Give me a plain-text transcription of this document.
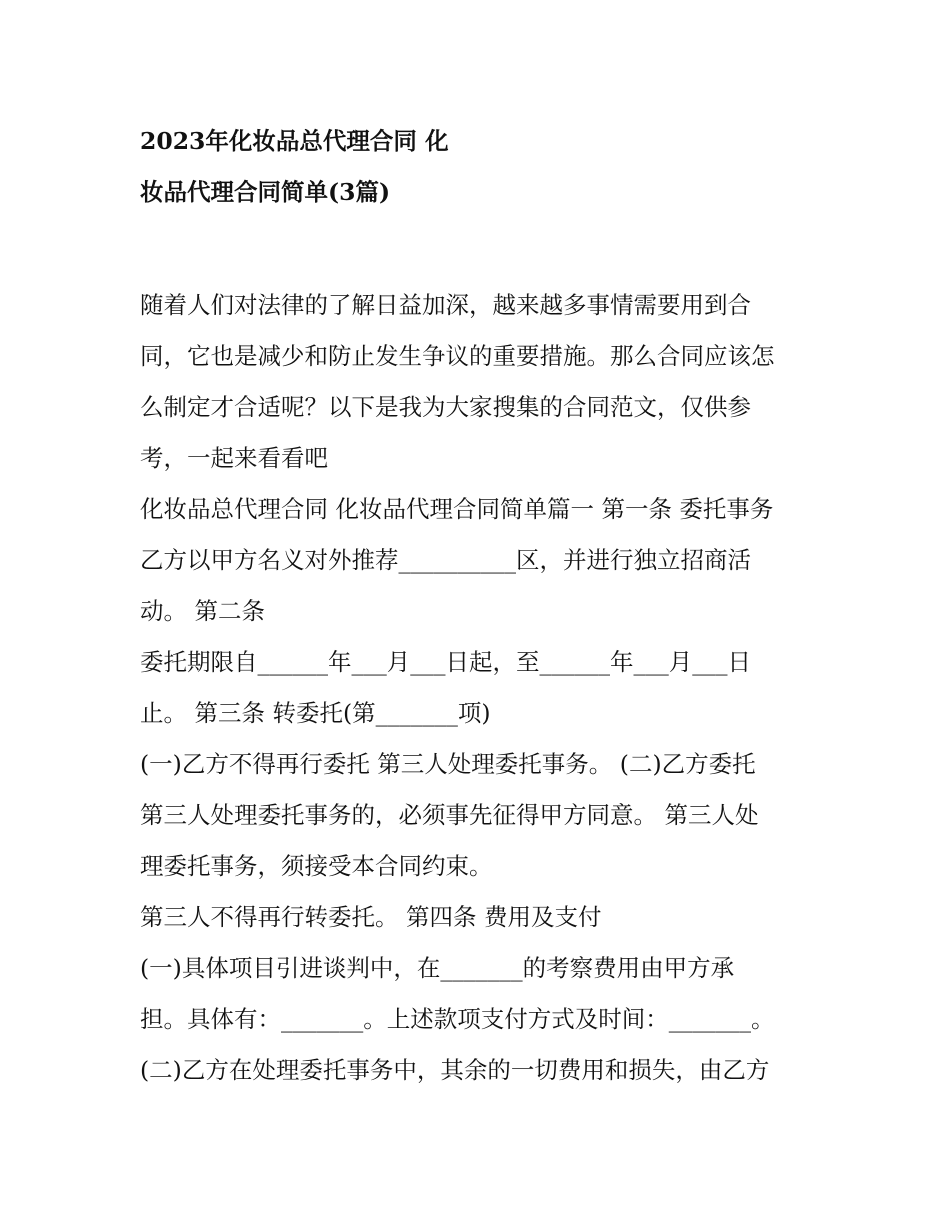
2023年化妆品总代理合同 化
妆品代理合同简单(3篇)
随着人们对法律的了解日益加深，越来越多事情需要用到合
同，它也是减少和防止发生争议的重要措施。那么合同应该怎
么制定才合适呢？以下是我为大家搜集的合同范文，仅供参
考，一起来看看吧
化妆品总代理合同 化妆品代理合同简单篇一 第一条 委托事务
乙方以甲方名义对外推荐__________区，并进行独立招商活
动。 第二条
委托期限自______年___月___日起，至______年___月___日
止。 第三条 转委托(第_______项)
(一)乙方不得再行委托 第三人处理委托事务。 (二)乙方委托
第三人处理委托事务的，必须事先征得甲方同意。 第三人处
理委托事务，须接受本合同约束。
第三人不得再行转委托。 第四条 费用及支付
(一)具体项目引进谈判中，在_______的考察费用由甲方承
担。具体有：_______。上述款项支付方式及时间：_______。
(二)乙方在处理委托事务中，其余的一切费用和损失，由乙方
